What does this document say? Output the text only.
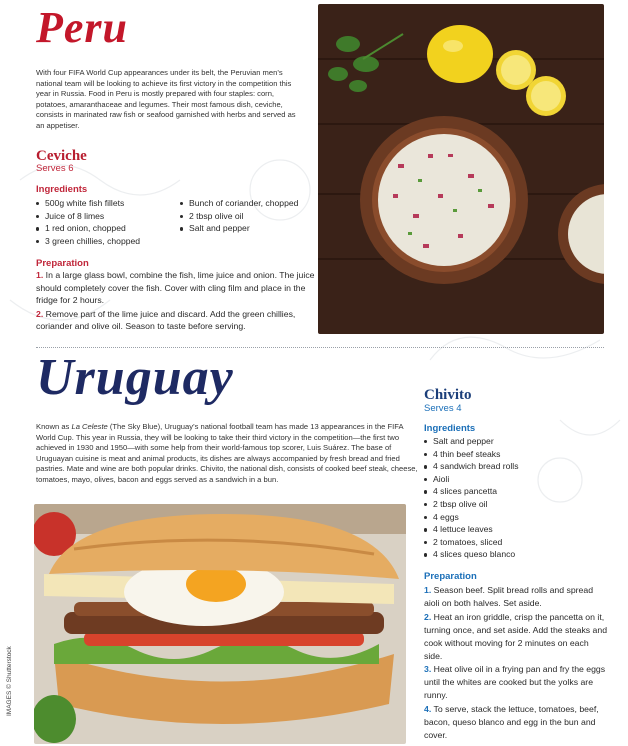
Peru

With four FIFA World Cup appearances under its belt, the Peruvian men’s national team will be looking to achieve its first victory in the competition this year in Russia. Food in Peru is mostly prepared with four staples: corn, potatoes, amaranthaceae and legumes. Their most famous dish, ceviche, consists in marinated raw fish or seafood garnished with herbs and served as an appetiser.

Ceviche

Serves 6

Ingredients
500g white fish fillets
Juice of 8 limes
1 red onion, chopped
3 green chillies, chopped
Bunch of coriander, chopped
2 tbsp olive oil
Salt and pepper
Preparation

1. In a large glass bowl, combine the fish, lime juice and onion. The juice should completely cover the fish. Cover with cling film and place in the fridge for 2 hours.

2. Remove part of the lime juice and discard. Add the green chillies, coriander and olive oil. Season to taste before serving.

Uruguay

Known as La Celeste (The Sky Blue), Uruguay’s national football team has made 13 appearances in the FIFA World Cup. This year in Russia, they will be looking to take their third victory in the competition—the first two achieved in 1930 and 1950—with some help from their world-famous top scorer, Luis Suárez. The base of Uruguayan cuisine is meat and animal products, its dishes are always accompanied by fresh bread and fried pastries. Mate and wine are both popular drinks. Chivito, the national dish, consists of cooked beef steak, cheese, tomatoes, mayo, olives, bacon and eggs served as a sandwich in a bun.

Chivito

Serves 4

Ingredients
Salt and pepper
4 thin beef steaks
4 sandwich bread rolls
Aioli
4 slices pancetta
2 tbsp olive oil
4 eggs
4 lettuce leaves
2 tomatoes, sliced
4 slices queso blanco
Preparation

1. Season beef. Split bread rolls and spread aioli on both halves. Set aside.

2. Heat an iron griddle, crisp the pancetta on it, turning once, and set aside. Add the steaks and cook without moving for 2 minutes on each side.

3. Heat olive oil in a frying pan and fry the eggs until the whites are cooked but the yolks are runny.

4. To serve, stack the lettuce, tomatoes, beef, bacon, queso blanco and egg in the bun and cover.

IMAGES © Shutterstock
